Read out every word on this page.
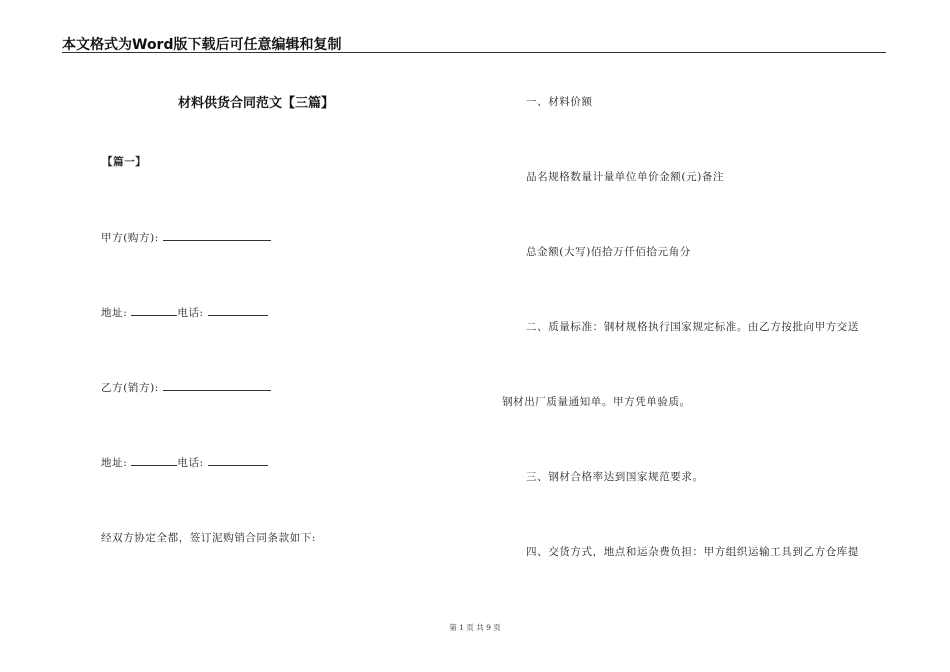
本文格式为Word版下载后可任意编辑和复制
材料供货合同范文【三篇】
【篇一】
甲方(购方):
地址:	电话:
乙方(销方):
地址:	电话:
经双方协定全都，签订泥购销合同条款如下:
一、材料价额
品名规格数量计量单位单价金额(元)备注
总金额(大写)佰拾万仟佰拾元角分
二、质量标准：钢材规格执行国家规定标准。由乙方按批向甲方交送
钢材出厂质量通知单。甲方凭单验质。
三、钢材合格率达到国家规范要求。
四、交货方式，地点和运杂费负担：甲方组织运输工具到乙方仓库提
第 1 页 共 9 页
